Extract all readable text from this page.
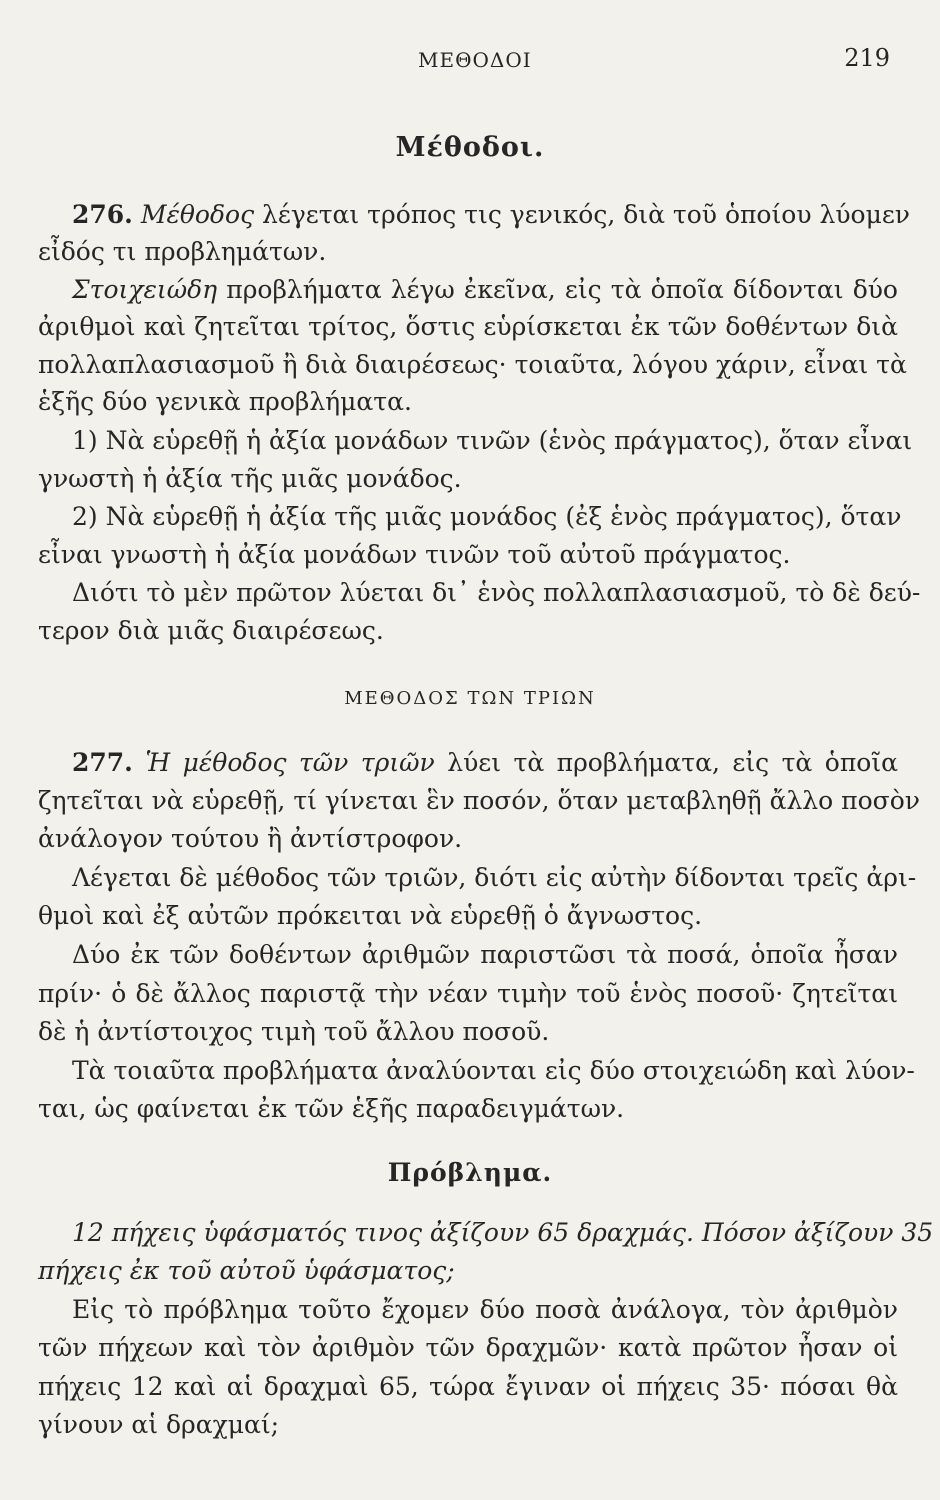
ΜΕΘΟΔΟΙ	219
Μέθοδοι.
276. Μέθοδος λέγεται τρόπος τις γενικός, διὰ τοῦ ὁποίου λύομεν
εἶδός τι προβλημάτων.
Στοιχειώδη προβλήματα λέγω ἐκεῖνα, εἰς τὰ ὁποῖα δίδονται δύο
ἀριθμοὶ καὶ ζητεῖται τρίτος, ὅστις εὑρίσκεται ἐκ τῶν δοθέντων διὰ
πολλαπλασιασμοῦ ἢ διὰ διαιρέσεως· τοιαῦτα, λόγου χάριν, εἶναι τὰ
ἑξῆς δύο γενικὰ προβλήματα.
1) Νὰ εὑρεθῇ ἡ ἀξία μονάδων τινῶν (ἑνὸς πράγματος), ὅταν εἶναι
γνωστὴ ἡ ἀξία τῆς μιᾶς μονάδος.
2) Νὰ εὑρεθῇ ἡ ἀξία τῆς μιᾶς μονάδος (ἐξ ἑνὸς πράγματος), ὅταν
εἶναι γνωστὴ ἡ ἀξία μονάδων τινῶν τοῦ αὐτοῦ πράγματος.
Διότι τὸ μὲν πρῶτον λύεται δι᾽ ἑνὸς πολλαπλασιασμοῦ, τὸ δὲ δεύ-
τερον διὰ μιᾶς διαιρέσεως.
ΜΕΘΟΔΟΣ ΤΩΝ ΤΡΙΩΝ
277. Ἡ μέθοδος τῶν τριῶν λύει τὰ προβλήματα, εἰς τὰ ὁποῖα
ζητεῖται νὰ εὑρεθῇ, τί γίνεται ἓν ποσόν, ὅταν μεταβληθῇ ἄλλο ποσὸν
ἀνάλογον τούτου ἢ ἀντίστροφον.
Λέγεται δὲ μέθοδος τῶν τριῶν, διότι εἰς αὐτὴν δίδονται τρεῖς ἀρι-
θμοὶ καὶ ἐξ αὐτῶν πρόκειται νὰ εὑρεθῇ ὁ ἄγνωστος.
Δύο ἐκ τῶν δοθέντων ἀριθμῶν παριστῶσι τὰ ποσά, ὁποῖα ἦσαν
πρίν· ὁ δὲ ἄλλος παριστᾷ τὴν νέαν τιμὴν τοῦ ἑνὸς ποσοῦ· ζητεῖται
δὲ ἡ ἀντίστοιχος τιμὴ τοῦ ἄλλου ποσοῦ.
Τὰ τοιαῦτα προβλήματα ἀναλύονται εἰς δύο στοιχειώδη καὶ λύον-
ται, ὡς φαίνεται ἐκ τῶν ἑξῆς παραδειγμάτων.
Πρόβλημα.
12 πήχεις ὑφάσματός τινος ἀξίζουν 65 δραχμάς. Πόσον ἀξίζουν 35
πήχεις ἐκ τοῦ αὐτοῦ ὑφάσματος;
Εἰς τὸ πρόβλημα τοῦτο ἔχομεν δύο ποσὰ ἀνάλογα, τὸν ἀριθμὸν
τῶν πήχεων καὶ τὸν ἀριθμὸν τῶν δραχμῶν· κατὰ πρῶτον ἦσαν οἱ
πήχεις 12 καὶ αἱ δραχμαὶ 65, τώρα ἔγιναν οἱ πήχεις 35· πόσαι θὰ
γίνουν αἱ δραχμαί;
